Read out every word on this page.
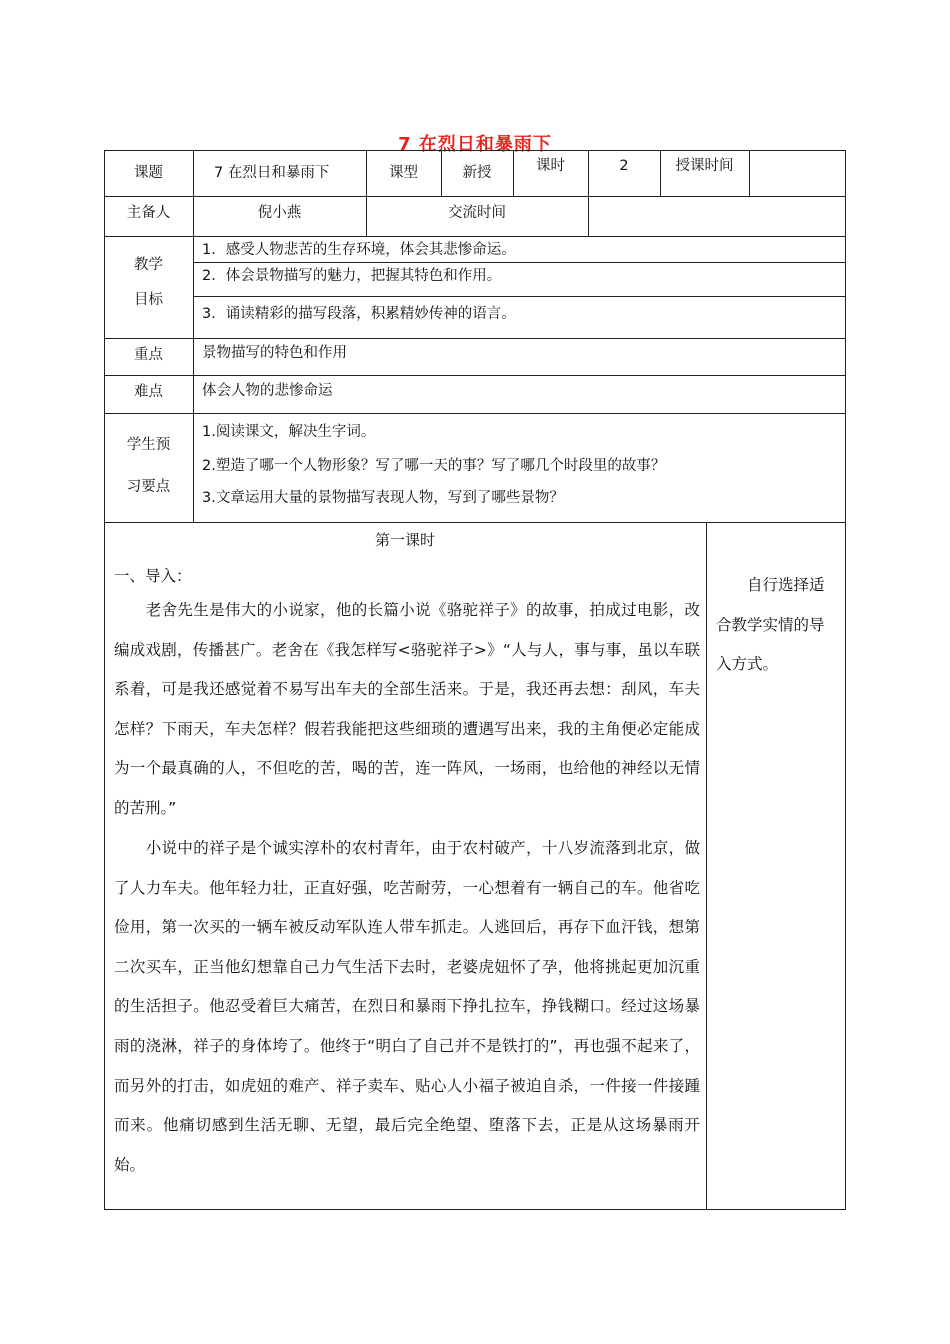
7 在烈日和暴雨下
课题	7 在烈日和暴雨下	课型	新授	课时	2	授课时间
主备人	倪小燕	交流时间
教学
目标
1．感受人物悲苦的生存环境，体会其悲惨命运。
2．体会景物描写的魅力，把握其特色和作用。
3．诵读精彩的描写段落，积累精妙传神的语言。
重点	景物描写的特色和作用
难点	体会人物的悲惨命运
学生预
习要点
1.阅读课文，解决生字词。
2.塑造了哪一个人物形象？写了哪一天的事？写了哪几个时段里的故事？
3.文章运用大量的景物描写表现人物，写到了哪些景物？
第一课时
一、导入：
　　老舍先生是伟大的小说家，他的长篇小说《骆驼祥子》的故事，拍成过电影，改编成戏剧，传播甚广。老舍在《我怎样写<骆驼祥子>》“人与人，事与事，虽以车联系着，可是我还感觉着不易写出车夫的全部生活来。于是，我还再去想：刮风，车夫怎样？下雨天，车夫怎样？假若我能把这些细琐的遭遇写出来，我的主角便必定能成为一个最真确的人，不但吃的苦，喝的苦，连一阵风，一场雨，也给他的神经以无情的苦刑。”
　　小说中的祥子是个诚实淳朴的农村青年，由于农村破产，十八岁流落到北京，做了人力车夫。他年轻力壮，正直好强，吃苦耐劳，一心想着有一辆自己的车。他省吃俭用，第一次买的一辆车被反动军队连人带车抓走。人逃回后，再存下血汗钱，想第二次买车，正当他幻想靠自己力气生活下去时，老婆虎妞怀了孕，他将挑起更加沉重的生活担子。他忍受着巨大痛苦，在烈日和暴雨下挣扎拉车，挣钱糊口。经过这场暴雨的浇淋，祥子的身体垮了。他终于“明白了自己并不是铁打的”，再也强不起来了，而另外的打击，如虎妞的难产、祥子卖车、贴心人小福子被迫自杀，一件接一件接踵而来。他痛切感到生活无聊、无望，最后完全绝望、堕落下去，正是从这场暴雨开始。
　　自行选择适合教学实情的导入方式。
